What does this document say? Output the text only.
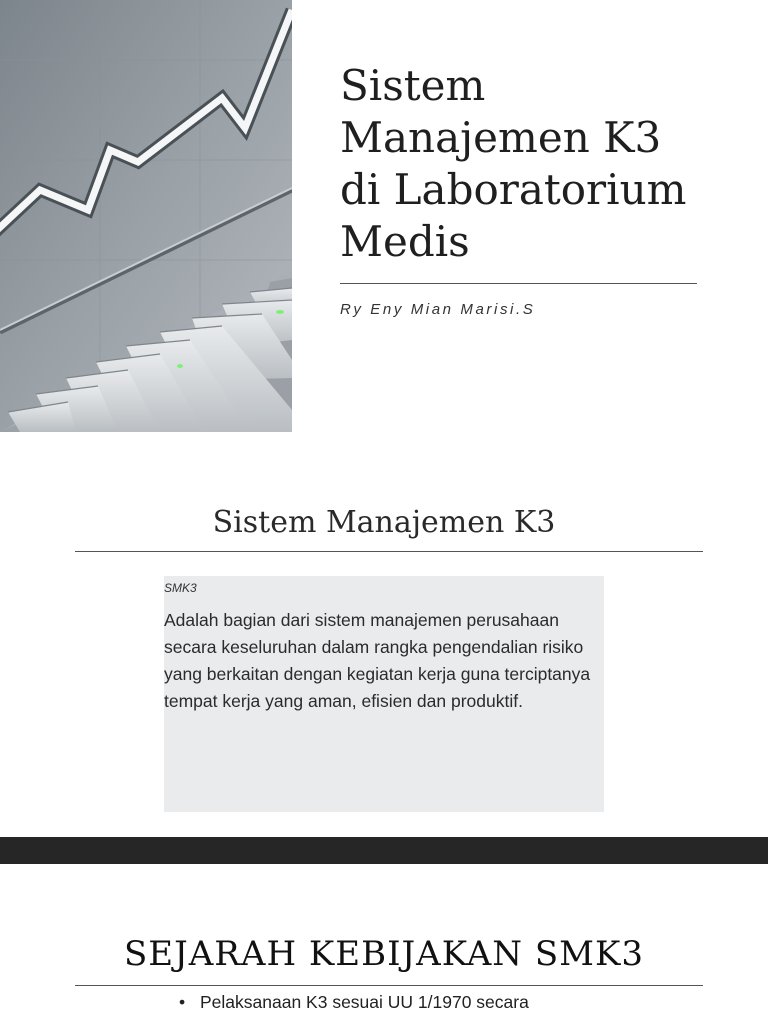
Sistem
Manajemen K3
di Laboratorium
Medis
Ry Eny Mian Marisi.S
Sistem Manajemen K3
SMK3
Adalah bagian dari sistem manajemen perusahaan secara keseluruhan dalam rangka pengendalian risiko yang berkaitan dengan kegiatan kerja guna terciptanya tempat kerja yang aman, efisien dan produktif.
SEJARAH KEBIJAKAN SMK3
• Pelaksanaan K3 sesuai UU 1/1970 secara
